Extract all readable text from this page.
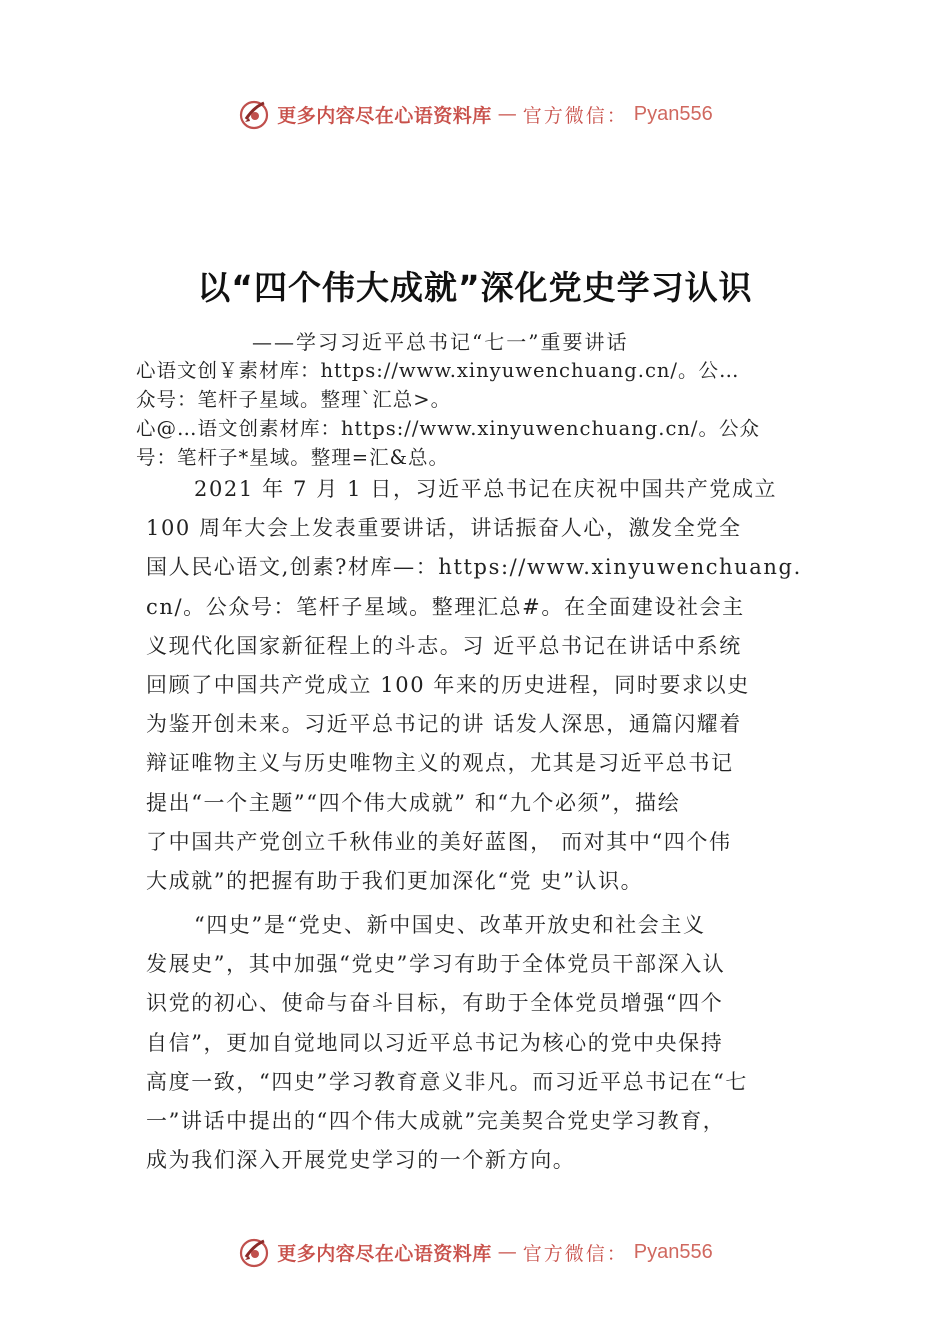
更多内容尽在心语资料库 — 官方微信： Pyan556
以“四个伟大成就”深化党史学习认识
——学习习近平总书记“七一”重要讲话
心语文创￥素材库：https://www.xinyuwenchuang.cn/。公…
众号：笔杆子星域。整理`汇总>。
心@…语文创素材库：https://www.xinyuwenchuang.cn/。公众
号：笔杆子*星域。整理=汇&总。
2021 年 7 月 1 日，习近平总书记在庆祝中国共产党成立
100 周年大会上发表重要讲话，讲话振奋人心，激发全党全
国人民心语文,创素?材库—：https://www.xinyuwenchuang.
cn/。公众号：笔杆子星域。整理汇总#。在全面建设社会主
义现代化国家新征程上的斗志。习 近平总书记在讲话中系统
回顾了中国共产党成立 100 年来的历史进程，同时要求以史
为鉴开创未来。习近平总书记的讲 话发人深思，通篇闪耀着
辩证唯物主义与历史唯物主义的观点，尤其是习近平总书记
提出“一个主题”“四个伟大成就” 和“九个必须”，描绘
了中国共产党创立千秋伟业的美好蓝图， 而对其中“四个伟
大成就”的把握有助于我们更加深化“党 史”认识。
“四史”是“党史、新中国史、改革开放史和社会主义
发展史”，其中加强“党史”学习有助于全体党员干部深入认
识党的初心、使命与奋斗目标，有助于全体党员增强“四个
自信”，更加自觉地同以习近平总书记为核心的党中央保持
高度一致，“四史”学习教育意义非凡。而习近平总书记在“七
一”讲话中提出的“四个伟大成就”完美契合党史学习教育，
成为我们深入开展党史学习的一个新方向。
更多内容尽在心语资料库 — 官方微信： Pyan556
